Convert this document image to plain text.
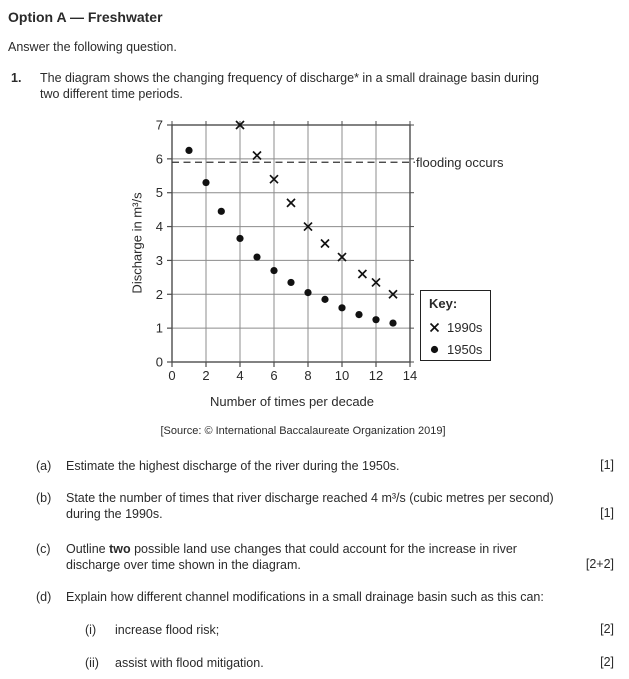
Option A — Freshwater
Answer the following question.
1. The diagram shows the changing frequency of discharge* in a small drainage basin during
two different time periods.
Discharge in m³/s
0
1
2
3
4
5
6
7
0 2 4 6 8 10 12 14
flooding occurs
Number of times per decade
Key:
1990s
1950s
[Source: © International Baccalaureate Organization 2019]
(a) Estimate the highest discharge of the river during the 1950s.	[1]
(b) State the number of times that river discharge reached 4 m³/s (cubic metres per second)
during the 1990s.	[1]
(c) Outline two possible land use changes that could account for the increase in river
discharge over time shown in the diagram.	[2+2]
(d) Explain how different channel modifications in a small drainage basin such as this can:
(i) increase flood risk;	[2]
(ii) assist with flood mitigation.	[2]
